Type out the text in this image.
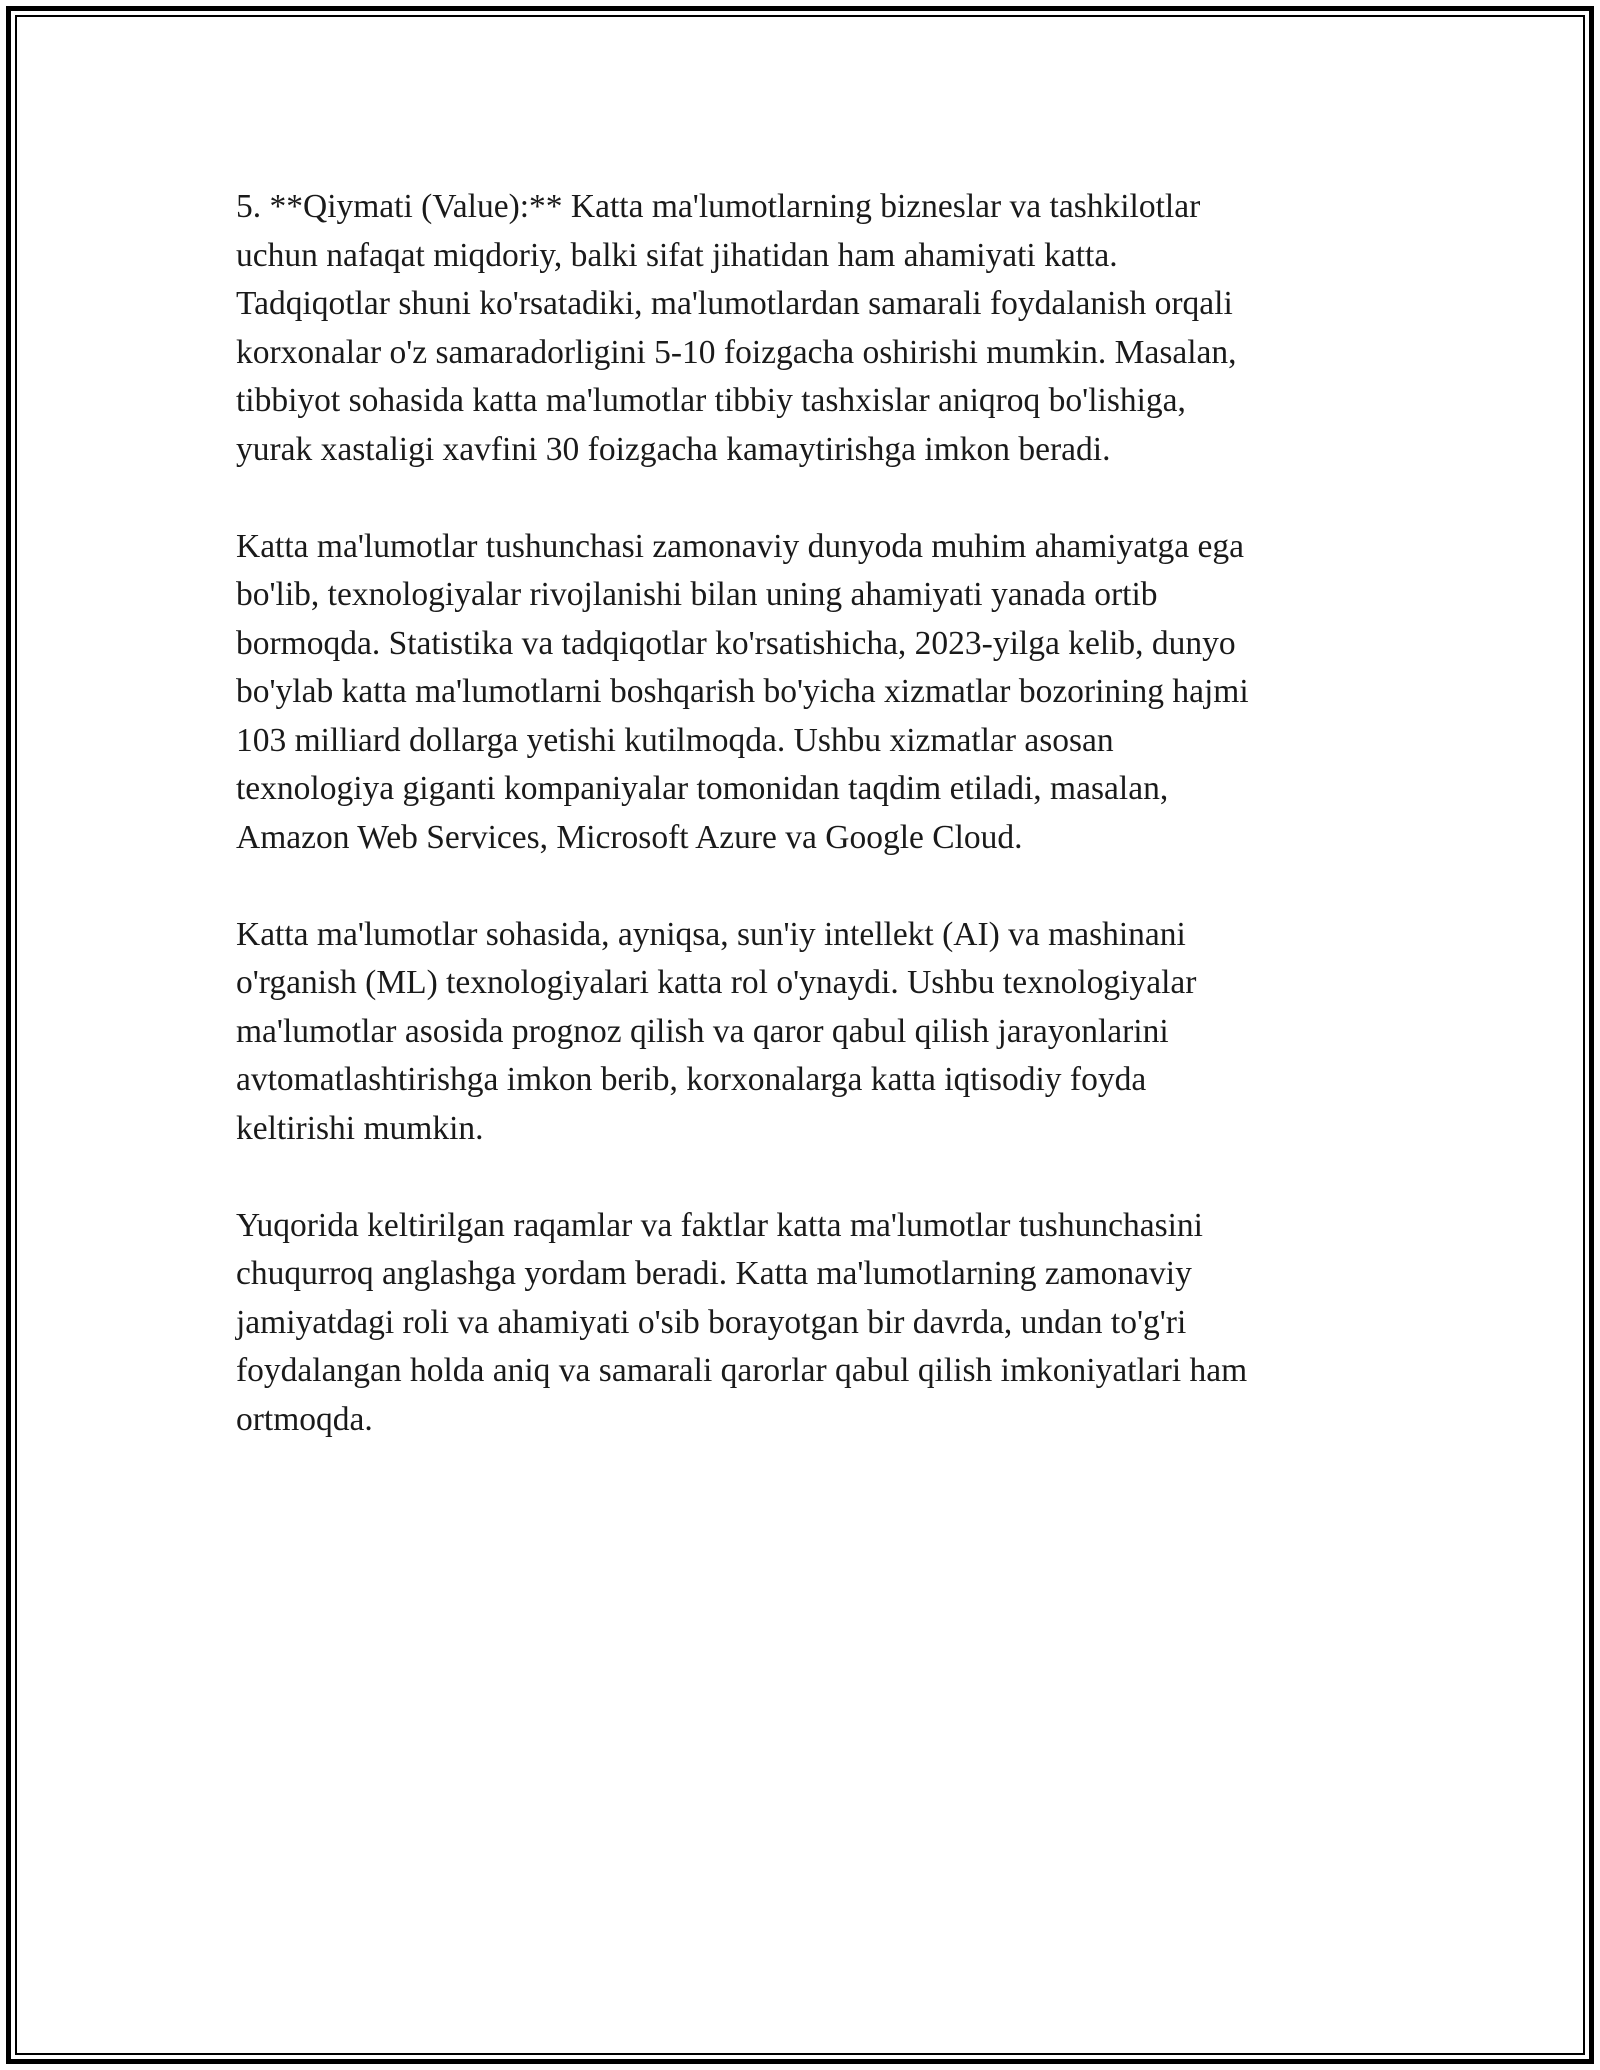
5. **Qiymati (Value):** Katta ma'lumotlarning bizneslar va tashkilotlar
uchun nafaqat miqdoriy, balki sifat jihatidan ham ahamiyati katta.
Tadqiqotlar shuni ko'rsatadiki, ma'lumotlardan samarali foydalanish orqali
korxonalar o'z samaradorligini 5-10 foizgacha oshirishi mumkin. Masalan,
tibbiyot sohasida katta ma'lumotlar tibbiy tashxislar aniqroq bo'lishiga,
yurak xastaligi xavfini 30 foizgacha kamaytirishga imkon beradi.

Katta ma'lumotlar tushunchasi zamonaviy dunyoda muhim ahamiyatga ega
bo'lib, texnologiyalar rivojlanishi bilan uning ahamiyati yanada ortib
bormoqda. Statistika va tadqiqotlar ko'rsatishicha, 2023-yilga kelib, dunyo
bo'ylab katta ma'lumotlarni boshqarish bo'yicha xizmatlar bozorining hajmi
103 milliard dollarga yetishi kutilmoqda. Ushbu xizmatlar asosan
texnologiya giganti kompaniyalar tomonidan taqdim etiladi, masalan,
Amazon Web Services, Microsoft Azure va Google Cloud.

Katta ma'lumotlar sohasida, ayniqsa, sun'iy intellekt (AI) va mashinani
o'rganish (ML) texnologiyalari katta rol o'ynaydi. Ushbu texnologiyalar
ma'lumotlar asosida prognoz qilish va qaror qabul qilish jarayonlarini
avtomatlashtirishga imkon berib, korxonalarga katta iqtisodiy foyda
keltirishi mumkin.

Yuqorida keltirilgan raqamlar va faktlar katta ma'lumotlar tushunchasini
chuqurroq anglashga yordam beradi. Katta ma'lumotlarning zamonaviy
jamiyatdagi roli va ahamiyati o'sib borayotgan bir davrda, undan to'g'ri
foydalangan holda aniq va samarali qarorlar qabul qilish imkoniyatlari ham
ortmoqda.
